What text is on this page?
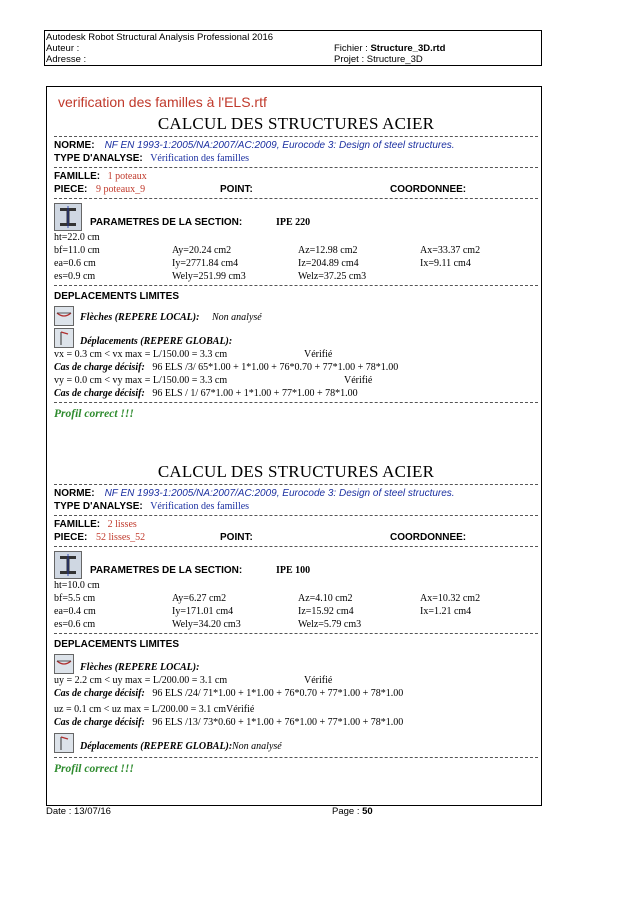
Autodesk Robot Structural Analysis Professional 2016
Auteur :	Fichier : Structure_3D.rtd
Adresse :	Projet : Structure_3D
verification des familles à l'ELS.rtf
CALCUL DES STRUCTURES ACIER
NORME: NF EN 1993-1:2005/NA:2007/AC:2009, Eurocode 3: Design of steel structures.
TYPE D'ANALYSE: Vérification des familles
FAMILLE: 1 poteaux
PIECE: 9 poteaux_9	POINT:	COORDONNEE:
PARAMETRES DE LA SECTION:	IPE 220
ht=22.0 cm
bf=11.0 cm	Ay=20.24 cm2	Az=12.98 cm2	Ax=33.37 cm2
ea=0.6 cm	Iy=2771.84 cm4	Iz=204.89 cm4	Ix=9.11 cm4
es=0.9 cm	Wely=251.99 cm3	Welz=37.25 cm3
DEPLACEMENTS LIMITES
Flèches (REPERE LOCAL): Non analysé
Déplacements (REPERE GLOBAL):
vx = 0.3 cm < vx max = L/150.00 = 3.3 cm	Vérifié
Cas de charge décisif: 96 ELS /3/ 65*1.00 + 1*1.00 + 76*0.70 + 77*1.00 + 78*1.00
vy = 0.0 cm < vy max = L/150.00 = 3.3 cm	Vérifié
Cas de charge décisif: 96 ELS / 1/ 67*1.00 + 1*1.00 + 77*1.00 + 78*1.00
Profil correct !!!
CALCUL DES STRUCTURES ACIER
NORME: NF EN 1993-1:2005/NA:2007/AC:2009, Eurocode 3: Design of steel structures.
TYPE D'ANALYSE: Vérification des familles
FAMILLE: 2 lisses
PIECE: 52 lisses_52	POINT:	COORDONNEE:
PARAMETRES DE LA SECTION:	IPE 100
ht=10.0 cm
bf=5.5 cm	Ay=6.27 cm2	Az=4.10 cm2	Ax=10.32 cm2
ea=0.4 cm	Iy=171.01 cm4	Iz=15.92 cm4	Ix=1.21 cm4
es=0.6 cm	Wely=34.20 cm3	Welz=5.79 cm3
DEPLACEMENTS LIMITES
Flèches (REPERE LOCAL):
uy = 2.2 cm < uy max = L/200.00 = 3.1 cm	Vérifié
Cas de charge décisif: 96 ELS /24/ 71*1.00 + 1*1.00 + 76*0.70 + 77*1.00 + 78*1.00
uz = 0.1 cm < uz max = L/200.00 = 3.1 cmVérifié
Cas de charge décisif: 96 ELS /13/ 73*0.60 + 1*1.00 + 76*1.00 + 77*1.00 + 78*1.00
Déplacements (REPERE GLOBAL): Non analysé
Profil correct !!!
Date : 13/07/16	Page : 50
